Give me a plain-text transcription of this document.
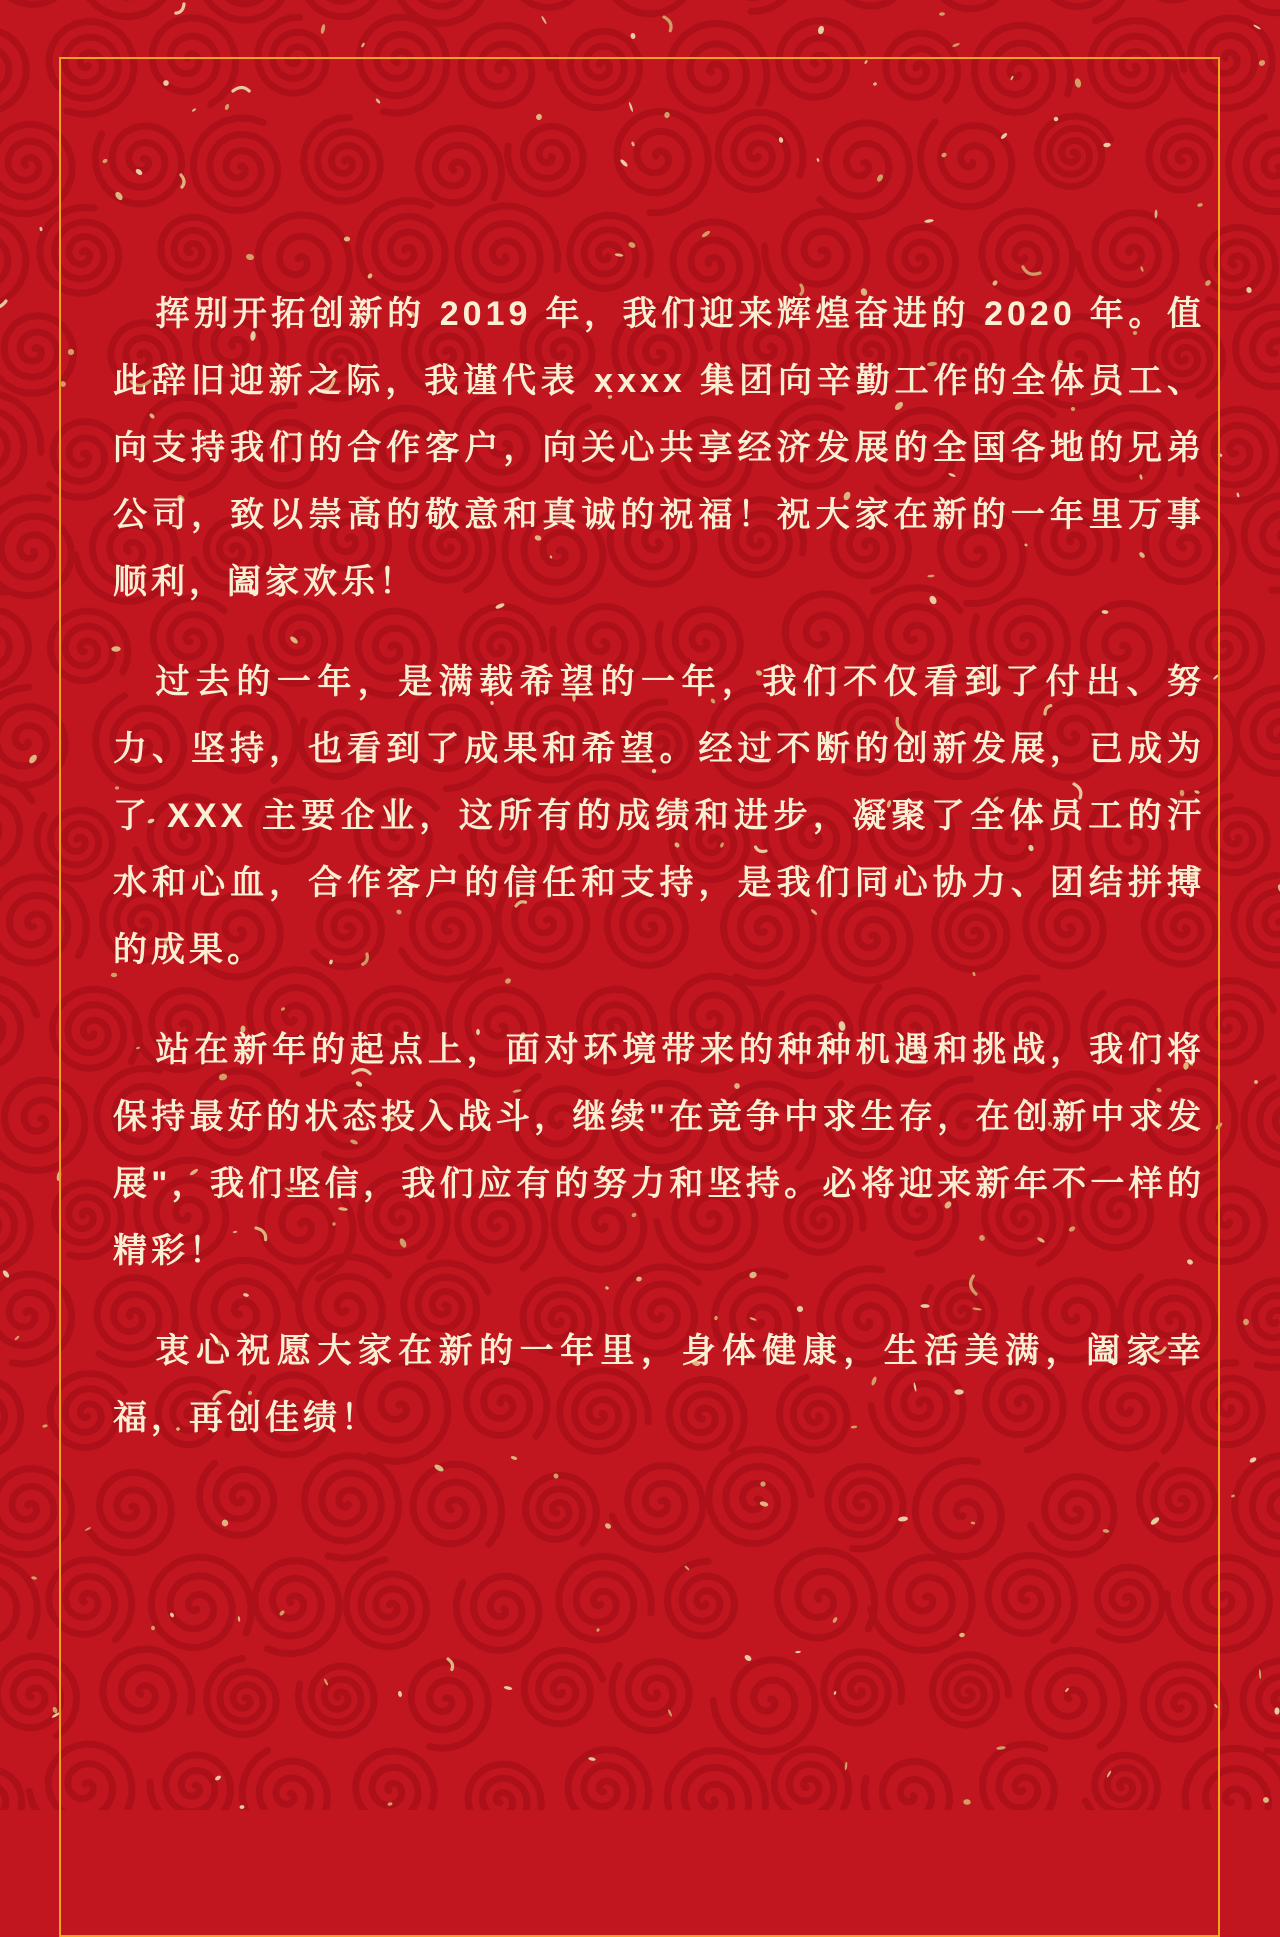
挥别开拓创新的 2019 年，我们迎来辉煌奋进的 2020 年。值此辞旧迎新之际，我谨代表 xxxx 集团向辛勤工作的全体员工、向支持我们的合作客户，向关心共享经济发展的全国各地的兄弟公司，致以崇高的敬意和真诚的祝福！祝大家在新的一年里万事顺利，阖家欢乐！

过去的一年，是满载希望的一年，我们不仅看到了付出、努力、坚持，也看到了成果和希望。经过不断的创新发展，已成为了 XXX 主要企业，这所有的成绩和进步，凝聚了全体员工的汗水和心血，合作客户的信任和支持，是我们同心协力、团结拼搏的成果。

站在新年的起点上，面对环境带来的种种机遇和挑战，我们将保持最好的状态投入战斗，继续"在竞争中求生存，在创新中求发展"，我们坚信，我们应有的努力和坚持。必将迎来新年不一样的精彩！

衷心祝愿大家在新的一年里，身体健康，生活美满，阖家幸福，再创佳绩！
